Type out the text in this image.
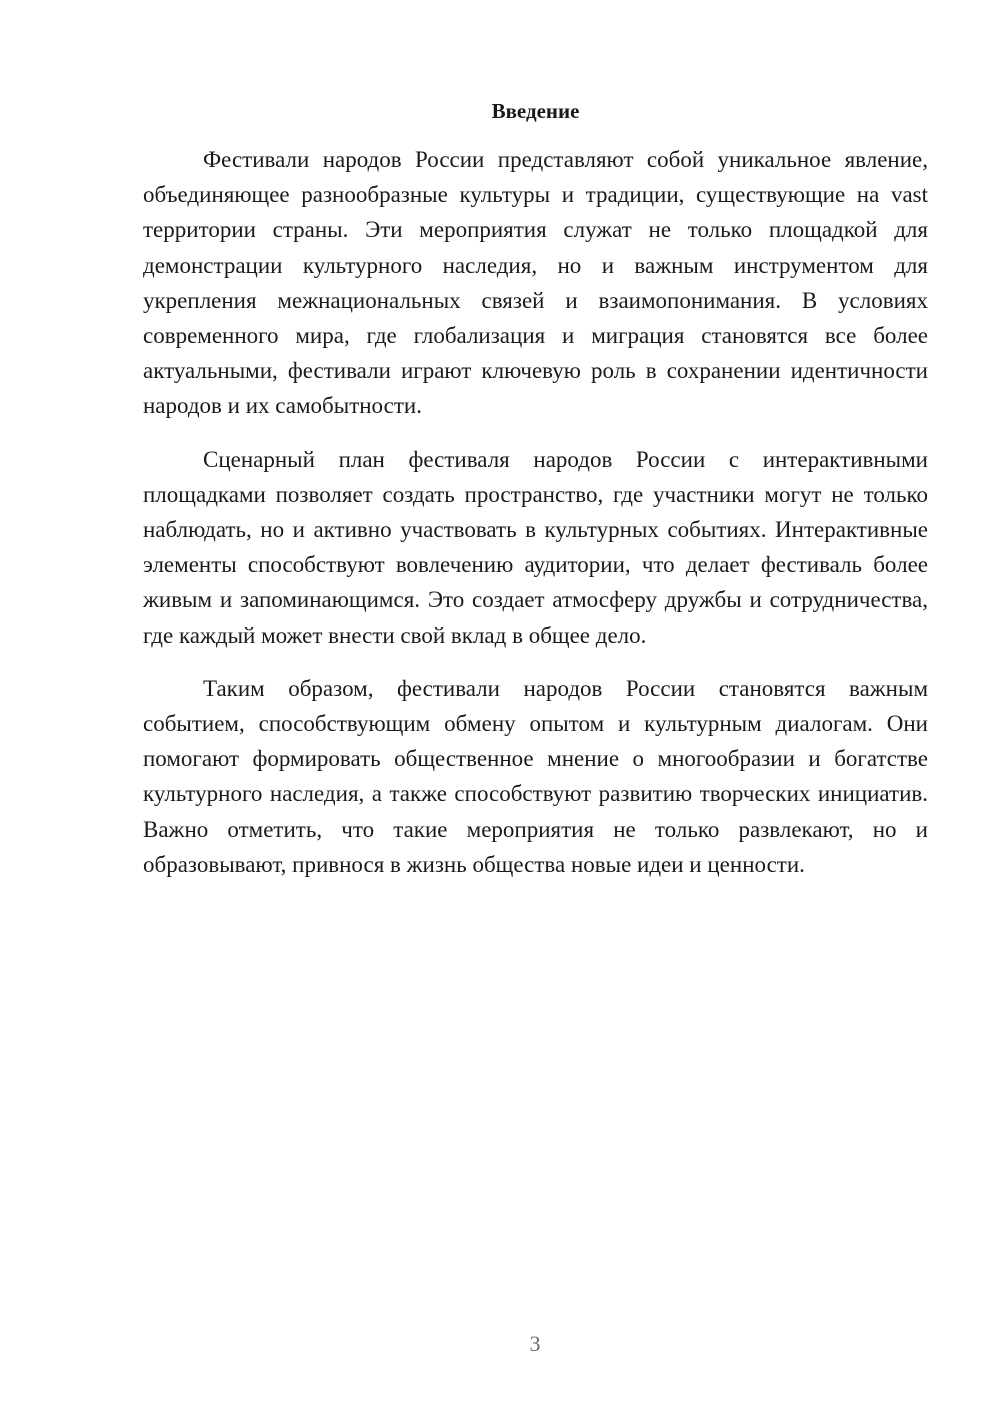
Введение

Фестивали народов России представляют собой уникальное явление, объединяющее разнообразные культуры и традиции, существующие на vast территории страны. Эти мероприятия служат не только площадкой для демонстрации культурного наследия, но и важным инструментом для укрепления межнациональных связей и взаимопонимания. В условиях современного мира, где глобализация и миграция становятся все более актуальными, фестивали играют ключевую роль в сохранении идентичности народов и их самобытности.

Сценарный план фестиваля народов России с интерактивными площадками позволяет создать пространство, где участники могут не только наблюдать, но и активно участвовать в культурных событиях. Интерактивные элементы способствуют вовлечению аудитории, что делает фестиваль более живым и запоминающимся. Это создает атмосферу дружбы и сотрудничества, где каждый может внести свой вклад в общее дело.

Таким образом, фестивали народов России становятся важным событием, способствующим обмену опытом и культурным диалогам. Они помогают формировать общественное мнение о многообразии и богатстве культурного наследия, а также способствуют развитию творческих инициатив. Важно отметить, что такие мероприятия не только развлекают, но и образовывают, привнося в жизнь общества новые идеи и ценности.

3
